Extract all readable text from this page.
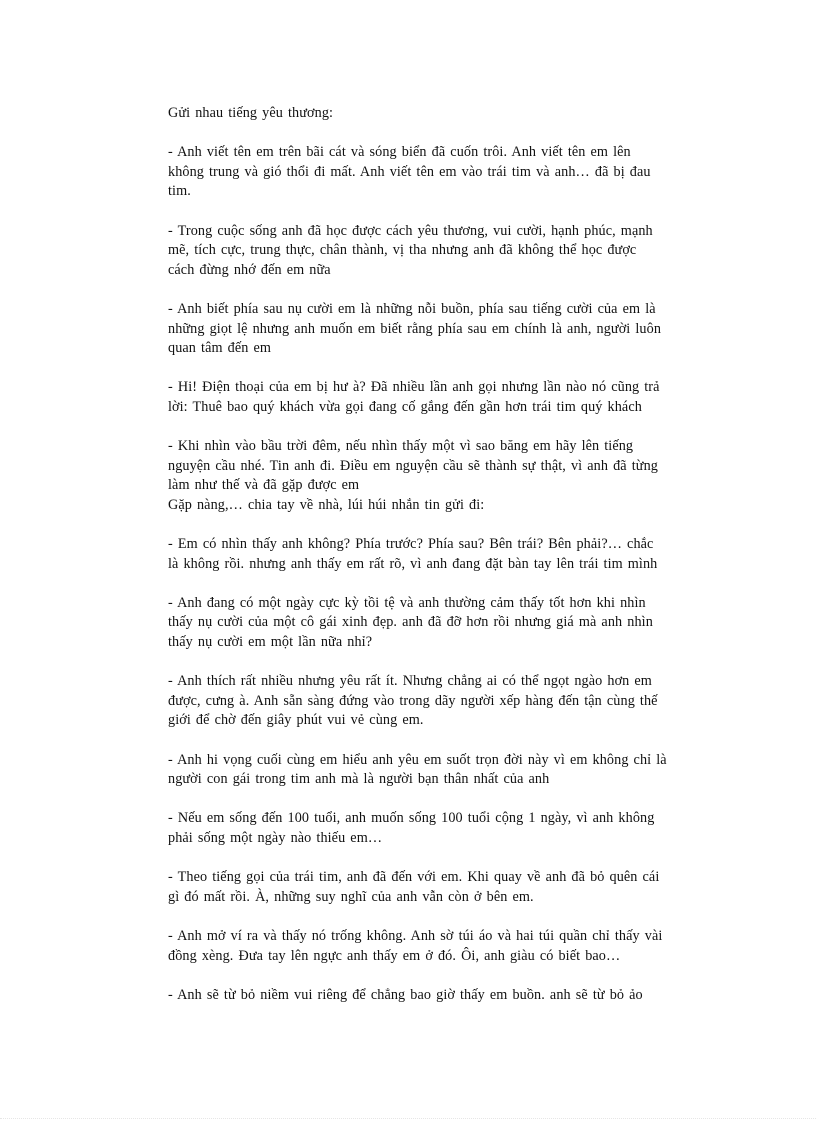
Gửi nhau tiếng yêu thương:

- Anh viết tên em trên bãi cát và sóng biển đã cuốn trôi. Anh viết tên em lên
không trung và gió thổi đi mất. Anh viết tên em vào trái tim và anh… đã bị đau
tim.

- Trong cuộc sống anh đã học được cách yêu thương, vui cười, hạnh phúc, mạnh
mẽ, tích cực, trung thực, chân thành, vị tha nhưng anh đã không thể học được
cách đừng nhớ đến em nữa

- Anh biết phía sau nụ cười em là những nỗi buồn, phía sau tiếng cười của em là
những giọt lệ nhưng anh muốn em biết rằng phía sau em chính là anh, người luôn
quan tâm đến em

- Hi! Điện thoại của em bị hư à? Đã nhiều lần anh gọi nhưng lần nào nó cũng trả
lời: Thuê bao quý khách vừa gọi đang cố gắng đến gần hơn trái tim quý khách

- Khi nhìn vào bầu trời đêm, nếu nhìn thấy một vì sao băng em hãy lên tiếng
nguyện cầu nhé. Tin anh đi. Điều em nguyện cầu sẽ thành sự thật, vì anh đã từng
làm như thế và đã gặp được em
Gặp nàng,… chia tay về nhà, lúi húi nhắn tin gửi đi:

- Em có nhìn thấy anh không? Phía trước? Phía sau? Bên trái? Bên phải?… chắc
là không rồi. nhưng anh thấy em rất rõ, vì anh đang đặt bàn tay lên trái tim mình

- Anh đang có một ngày cực kỳ tồi tệ và anh thường cảm thấy tốt hơn khi nhìn
thấy nụ cười của một cô gái xinh đẹp. anh đã đỡ hơn rồi nhưng giá mà anh nhìn
thấy nụ cười em một lần nữa nhỉ?

- Anh thích rất nhiều nhưng yêu rất ít. Nhưng chẳng ai có thể ngọt ngào hơn em
được, cưng à. Anh sẵn sàng đứng vào trong dãy người xếp hàng đến tận cùng thế
giới để chờ đến giây phút vui vẻ cùng em.

- Anh hi vọng cuối cùng em hiểu anh yêu em suốt trọn đời này vì em không chỉ là
người con gái trong tim anh mà là người bạn thân nhất của anh

- Nếu em sống đến 100 tuổi, anh muốn sống 100 tuổi cộng 1 ngày, vì anh không
phải sống một ngày nào thiếu em…

- Theo tiếng gọi của trái tim, anh đã đến với em. Khi quay về anh đã bỏ quên cái
gì đó mất rồi. À, những suy nghĩ của anh vẫn còn ở bên em.

- Anh mở ví ra và thấy nó trống không. Anh sờ túi áo và hai túi quần chỉ thấy vài
đồng xèng. Đưa tay lên ngực anh thấy em ở đó. Ôi, anh giàu có biết bao…

- Anh sẽ từ bỏ niềm vui riêng để chẳng bao giờ thấy em buồn. anh sẽ từ bỏ ảo
